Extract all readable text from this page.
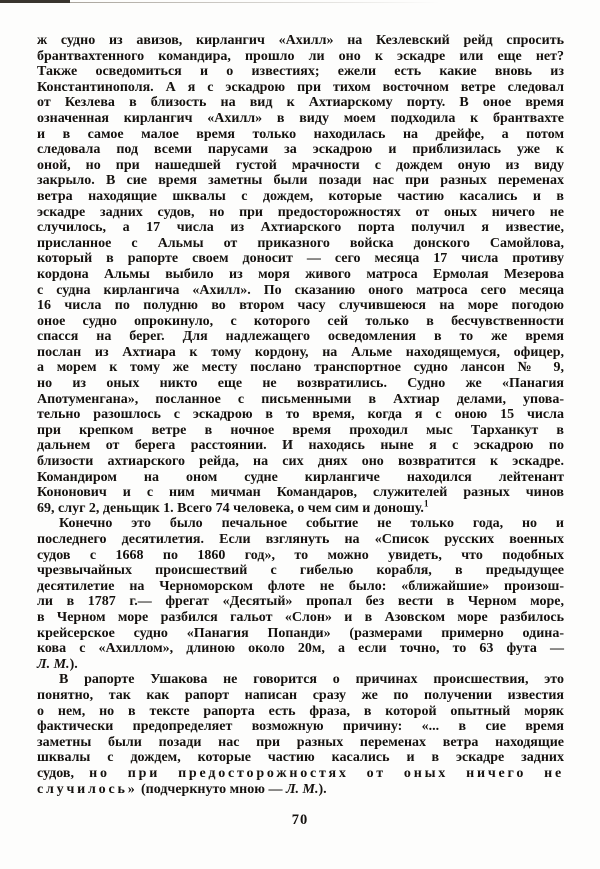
ж судно из авизов, кирлангич «Ахилл» на Кезлевский рейд спросить
брантвахтенного командира, прошло ли оно к эскадре или еще нет?
Также осведомиться и о известиях; ежели есть какие вновь из
Константинополя. А я с эскадрою при тихом восточном ветре следовал
от Кезлева в близость на вид к Ахтиарскому порту. В оное время
означенная кирлангич «Ахилл» в виду моем подходила к брантвахте
и в самое малое время только находилась на дрейфе, а потом
следовала под всеми парусами за эскадрою и приблизилась уже к
оной, но при нашедшей густой мрачности с дождем оную из виду
закрыло. В сие время заметны были позади нас при разных переменах
ветра находящие шквалы с дождем, которые частию касались и в
эскадре задних судов, но при предосторожностях от оных ничего не
случилось, а 17 числа из Ахтиарского порта получил я известие,
присланное с Альмы от приказного войска донского Самойлова,
который в рапорте своем доносит — сего месяца 17 числа противу
кордона Альмы выбило из моря живого матроса Ермолая Мезерова
с судна кирлангича «Ахилл». По сказанию оного матроса сего месяца
16 числа по полудню во втором часу случившеюся на море погодою
оное судно опрокинуло, с которого сей только в бесчувственности
спасся на берег. Для надлежащего осведомления в то же время
послан из Ахтиара к тому кордону, на Альме находящемуся, офицер,
а морем к тому же месту послано транспортное судно лансон № 9,
но из оных никто еще не возвратились. Судно же «Панагия
Апотуменгана», посланное с письменными в Ахтиар делами, упова-
тельно разошлось с эскадрою в то время, когда я с оною 15 числа
при крепком ветре в ночное время проходил мыс Тарханкут в
дальнем от берега расстоянии. И находясь ныне я с эскадрою по
близости ахтиарского рейда, на сих днях оно возвратится к эскадре.
Командиром на оном судне кирлангиче находился лейтенант
Кононович и с ним мичман Командаров, служителей разных чинов
69, слуг 2, деньщик 1. Всего 74 человека, о чем сим и доношу.$^1$
Конечно это было печальное событие не только года, но и
последнего десятилетия. Если взглянуть на «Список русских военных
судов с 1668 по 1860 год», то можно увидеть, что подобных
чрезвычайных происшествий с гибелью корабля, в предыдущее
десятилетие на Черноморском флоте не было: «ближайшие» произош-
ли в 1787 г.— фрегат «Десятый» пропал без вести в Черном море,
в Черном море разбился гальот «Слон» и в Азовском море разбилось
крейсерское судно «Панагия Попанди» (размерами примерно одина-
кова с «Ахиллом», длиною около 20м, а если точно, то 63 фута —
Л. М.).
В рапорте Ушакова не говорится о причинах происшествия, это
понятно, так как рапорт написан сразу же по получении известия
о нем, но в тексте рапорта есть фраза, в которой опытный моряк
фактически предопределяет возможную причину: «... в сие время
заметны были позади нас при разных переменах ветра находящие
шквалы с дождем, которые частию касались и в эскадре задних
судов, но при предосторожностях от оных ничего не
случилось» (подчеркнуто мною — Л. М.).
70
